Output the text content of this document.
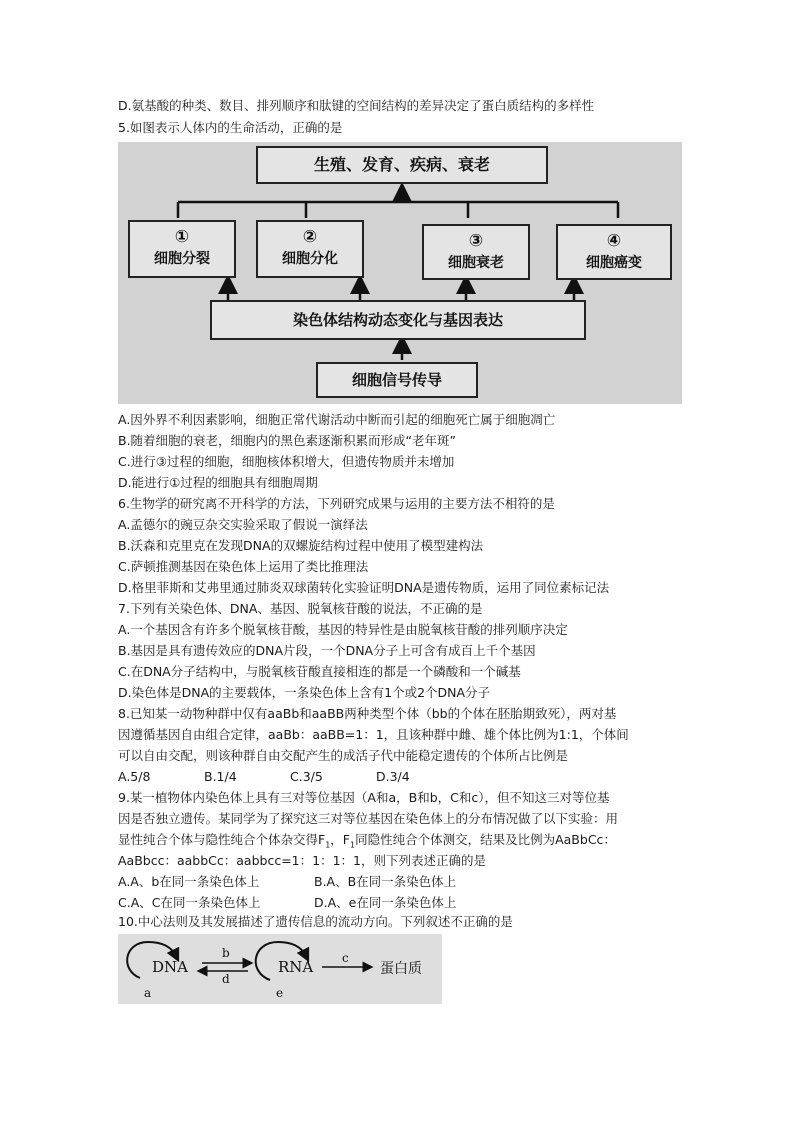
D.氨基酸的种类、数目、排列顺序和肽键的空间结构的差异决定了蛋白质结构的多样性
5.如图表示人体内的生命活动，正确的是
生殖、发育、疾病、衰老
①
细胞分裂
②
细胞分化
③
细胞衰老
④
细胞癌变
染色体结构动态变化与基因表达
细胞信号传导
A.因外界不利因素影响，细胞正常代谢活动中断而引起的细胞死亡属于细胞凋亡
B.随着细胞的衰老，细胞内的黑色素逐渐积累而形成“老年斑”
C.进行③过程的细胞，细胞核体积增大，但遗传物质并未增加
D.能进行①过程的细胞具有细胞周期
6.生物学的研究离不开科学的方法，下列研究成果与运用的主要方法不相符的是
A.孟德尔的豌豆杂交实验采取了假说一演绎法
B.沃森和克里克在发现DNA的双螺旋结构过程中使用了模型建构法
C.萨顿推测基因在染色体上运用了类比推理法
D.格里菲斯和艾弗里通过肺炎双球菌转化实验证明DNA是遗传物质，运用了同位素标记法
7.下列有关染色体、DNA、基因、脱氧核苷酸的说法，不正确的是
A.一个基因含有许多个脱氧核苷酸，基因的特异性是由脱氧核苷酸的排列顺序决定
B.基因是具有遗传效应的DNA片段，一个DNA分子上可含有成百上千个基因
C.在DNA分子结构中，与脱氧核苷酸直接相连的都是一个磷酸和一个碱基
D.染色体是DNA的主要载体，一条染色体上含有1个或2个DNA分子
8.已知某一动物种群中仅有aaBb和aaBB两种类型个体（bb的个体在胚胎期致死），两对基
因遵循基因自由组合定律，aaBb：aaBB=1：1，且该种群中雌、雄个体比例为1:1，个体间
可以自由交配，则该种群自由交配产生的成活子代中能稳定遗传的个体所占比例是
A.5/8	B.1/4	C.3/5	D.3/4
9.某一植物体内染色体上具有三对等位基因（A和a，B和b，C和c），但不知这三对等位基
因是否独立遗传。某同学为了探究这三对等位基因在染色体上的分布情况做了以下实验：用
显性纯合个体与隐性纯合个体杂交得$F_1$，$F_1$同隐性纯合个体测交，结果及比例为AaBbCc：
AaBbcc：aabbCc：aabbcc=1：1：1：1，则下列表述正确的是
A.A、b在同一条染色体上	B.A、B在同一条染色体上
C.A、C在同一条染色体上	D.A、e在同一条染色体上
10.中心法则及其发展描述了遗传信息的流动方向。下列叙述不正确的是
DNA	RNA	蛋白质
a
b	c
d
e
